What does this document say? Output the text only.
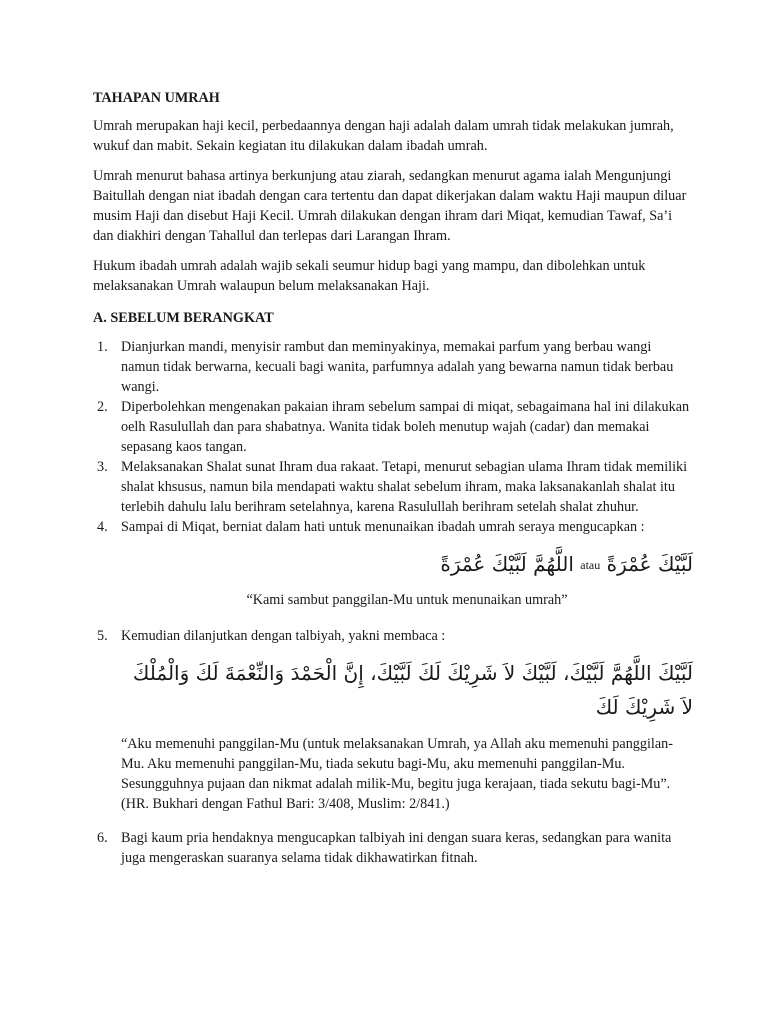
TAHAPAN UMRAH

Umrah merupakan haji kecil, perbedaannya dengan haji adalah dalam umrah tidak melakukan jumrah, wukuf dan mabit. Sekain kegiatan itu dilakukan dalam ibadah umrah.

Umrah menurut bahasa artinya berkunjung atau ziarah, sedangkan menurut agama ialah Mengunjungi Baitullah dengan niat ibadah dengan cara tertentu dan dapat dikerjakan dalam waktu Haji maupun diluar musim Haji dan disebut Haji Kecil. Umrah dilakukan dengan ihram dari Miqat, kemudian Tawaf, Sa’i dan diakhiri dengan Tahallul dan terlepas dari Larangan Ihram.

Hukum ibadah umrah adalah wajib sekali seumur hidup bagi yang mampu, dan dibolehkan untuk melaksanakan Umrah walaupun belum melaksanakan Haji.

A. SEBELUM BERANGKAT
1. Dianjurkan mandi, menyisir rambut dan meminyakinya, memakai parfum yang berbau wangi namun tidak berwarna, kecuali bagi wanita, parfumnya adalah yang bewarna namun tidak berbau wangi.
2. Diperbolehkan mengenakan pakaian ihram sebelum sampai di miqat, sebagaimana hal ini dilakukan oelh Rasulullah dan para shabatnya. Wanita tidak boleh menutup wajah (cadar) dan memakai sepasang kaos tangan.
3. Melaksanakan Shalat sunat Ihram dua rakaat. Tetapi, menurut sebagian ulama Ihram tidak memiliki shalat khsusus, namun bila mendapati waktu shalat sebelum ihram, maka laksanakanlah shalat itu terlebih dahulu lalu berihram setelahnya, karena Rasulullah berihram setelah shalat zhuhur.
4. Sampai di Miqat, berniat dalam hati untuk menunaikan ibadah umrah seraya mengucapkan :
اللَّهُمَّ لَبَّيْكَ عُمْرَةً atau لَبَّيْكَ عُمْرَةً
“Kami sambut panggilan-Mu untuk menunaikan umrah”
5. Kemudian dilanjutkan dengan talbiyah, yakni membaca :
لَبَّيْكَ اللَّهُمَّ لَبَّيْكَ، لَبَّيْكَ لاَ شَرِيْكَ لَكَ لَبَّيْكَ، إِنَّ الْحَمْدَ وَالنِّعْمَةَ لَكَ وَالْمُلْكَ لاَ شَرِيْكَ لَكَ
“Aku memenuhi panggilan-Mu (untuk melaksanakan Umrah, ya Allah aku memenuhi panggilan-Mu. Aku memenuhi panggilan-Mu, tiada sekutu bagi-Mu, aku memenuhi panggilan-Mu. Sesungguhnya pujaan dan nikmat adalah milik-Mu, begitu juga kerajaan, tiada sekutu bagi-Mu”. (HR. Bukhari dengan Fathul Bari: 3/408, Muslim: 2/841.)
6. Bagi kaum pria hendaknya mengucapkan talbiyah ini dengan suara keras, sedangkan para wanita juga mengeraskan suaranya selama tidak dikhawatirkan fitnah.
